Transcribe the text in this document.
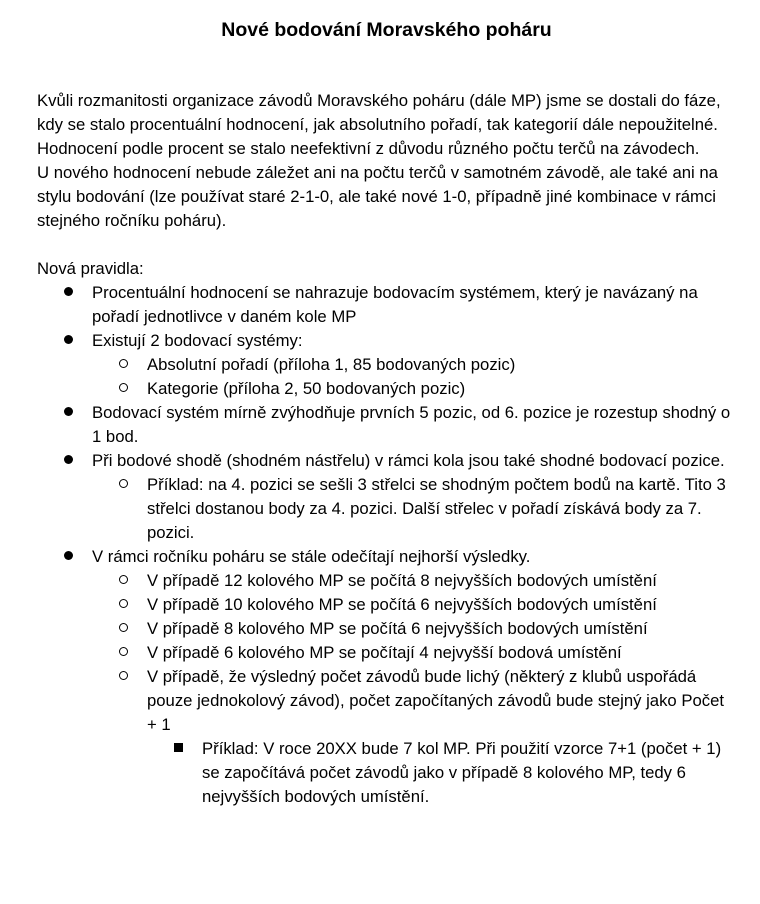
Nové bodování Moravského poháru

Kvůli rozmanitosti organizace závodů Moravského poháru (dále MP) jsme se dostali do fáze, kdy se stalo procentuální hodnocení, jak absolutního pořadí, tak kategorií dále nepoužitelné.

Hodnocení podle procent se stalo neefektivní z důvodu různého počtu terčů na závodech.

U nového hodnocení nebude záležet ani na počtu terčů v samotném závodě, ale také ani na stylu bodování (lze používat staré 2-1-0, ale také nové 1-0, případně jiné kombinace v rámci stejného ročníku poháru).

Nová pravidla:

Procentuální hodnocení se nahrazuje bodovacím systémem, který je navázaný na pořadí jednotlivce v daném kole MP
Existují 2 bodovací systémy:
Absolutní pořadí (příloha 1, 85 bodovaných pozic)
Kategorie (příloha 2, 50 bodovaných pozic)
Bodovací systém mírně zvýhodňuje prvních 5 pozic, od 6. pozice je rozestup shodný o 1 bod.
Při bodové shodě (shodném nástřelu) v rámci kola jsou také shodné bodovací pozice.
Příklad: na 4. pozici se sešli 3 střelci se shodným počtem bodů na kartě. Tito 3 střelci dostanou body za 4. pozici. Další střelec v pořadí získává body za 7. pozici.
V rámci ročníku poháru se stále odečítají nejhorší výsledky.
V případě 12 kolového MP se počítá 8 nejvyšších bodových umístění
V případě 10 kolového MP se počítá 6 nejvyšších bodových umístění
V případě 8 kolového MP se počítá 6 nejvyšších bodových umístění
V případě 6 kolového MP se počítají 4 nejvyšší bodová umístění
V případě, že výsledný počet závodů bude lichý (některý z klubů uspořádá pouze jednokolový závod), počet započítaných závodů bude stejný jako Počet + 1
Příklad: V roce 20XX bude 7 kol MP. Při použití vzorce 7+1 (počet + 1) se započítává počet závodů jako v případě 8 kolového MP, tedy 6 nejvyšších bodových umístění.
